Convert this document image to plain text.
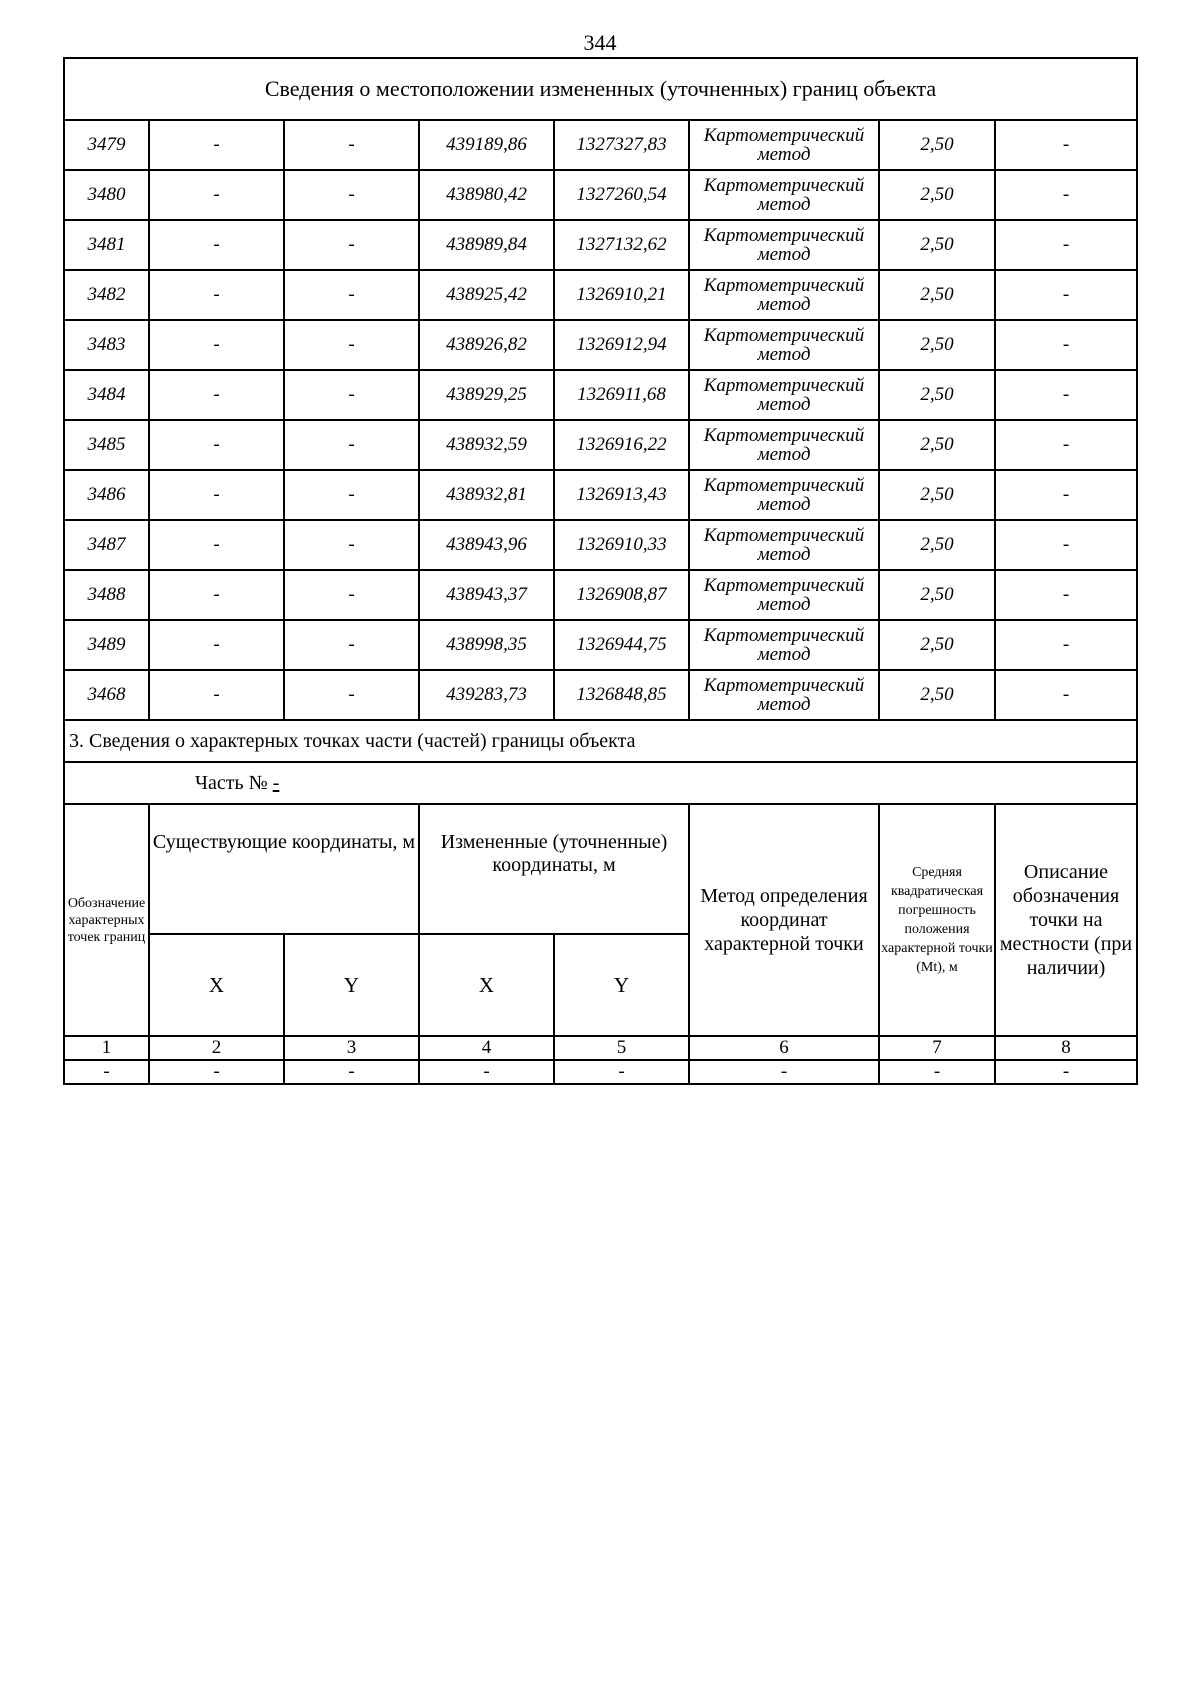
344
Сведения о местоположении измененных (уточненных) границ объекта							
3479	-	-	439189,86	1327327,83	Картометрический метод	2,50	-
3480	-	-	438980,42	1327260,54	Картометрический метод	2,50	-
3481	-	-	438989,84	1327132,62	Картометрический метод	2,50	-
3482	-	-	438925,42	1326910,21	Картометрический метод	2,50	-
3483	-	-	438926,82	1326912,94	Картометрический метод	2,50	-
3484	-	-	438929,25	1326911,68	Картометрический метод	2,50	-
3485	-	-	438932,59	1326916,22	Картометрический метод	2,50	-
3486	-	-	438932,81	1326913,43	Картометрический метод	2,50	-
3487	-	-	438943,96	1326910,33	Картометрический метод	2,50	-
3488	-	-	438943,37	1326908,87	Картометрический метод	2,50	-
3489	-	-	438998,35	1326944,75	Картометрический метод	2,50	-
3468	-	-	439283,73	1326848,85	Картометрический метод	2,50	-
3. Сведения о характерных точках части (частей) границы объекта							
Часть № -							
Обозначение характерных точек границ	Существующие координаты, м		Измененные (уточненные) координаты, м		Метод определения координат характерной точки	Средняя квадратическая погрешность положения характерной точки (Mt), м	Описание обозначения точки на местности (при наличии)
	X	Y	X	Y			
1	2	3	4	5	6	7	8
-	-	-	-	-	-	-	-
